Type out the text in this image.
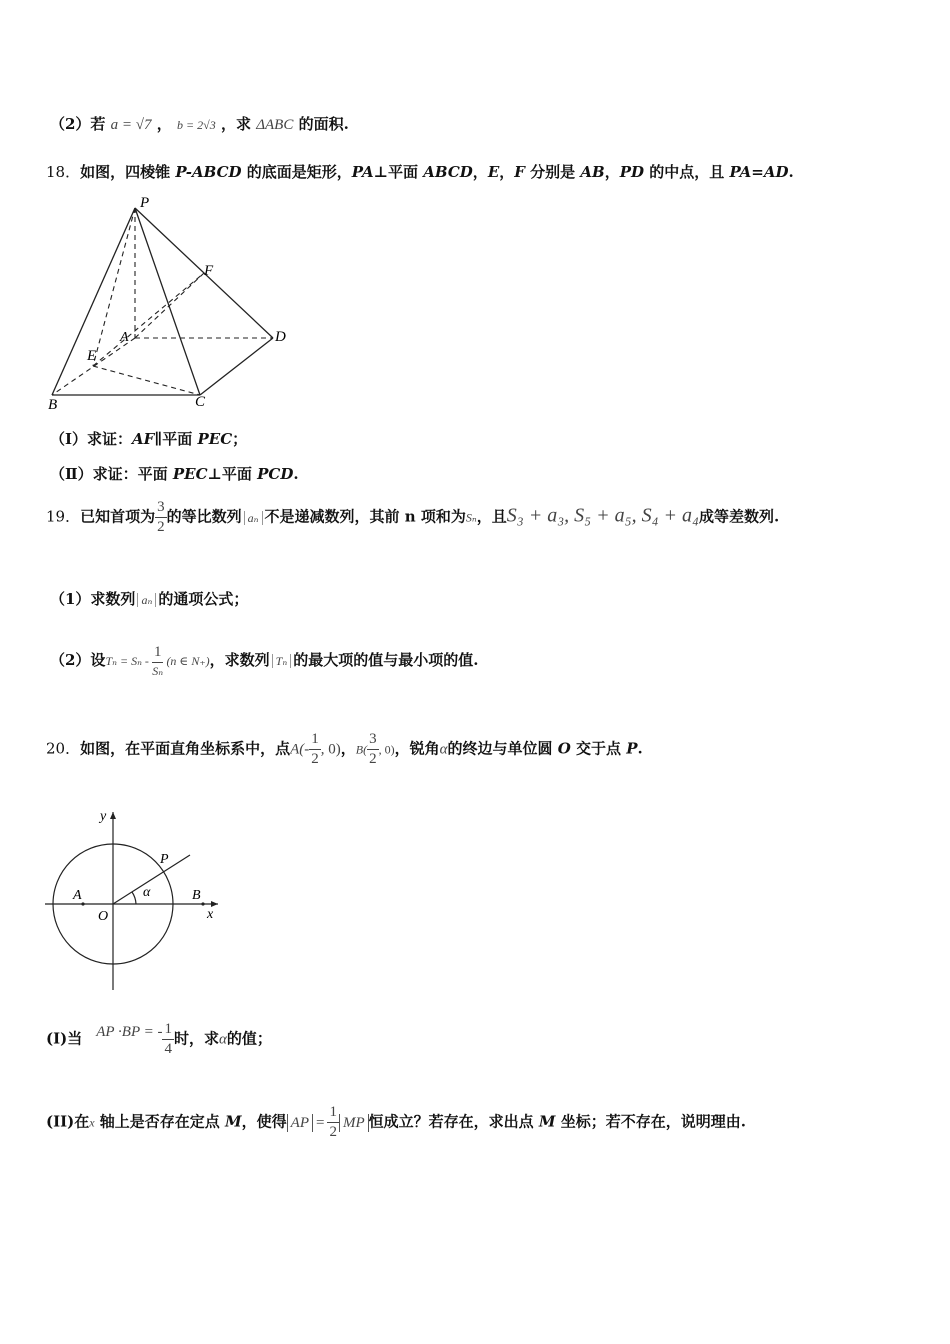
（2）若 a = √7 ， b = 2√3 ，求 ΔABC 的面积.
18．如图，四棱锥 P-ABCD 的底面是矩形，PA⊥平面 ABCD，E，F 分别是 AB，PD 的中点，且 PA=AD.
P
A
B	C
D
E
F
（Ⅰ）求证：AF∥平面 PEC；
（Ⅱ）求证：平面 PEC⊥平面 PCD.
19．已知首项为 $\frac{3}{2}$ 的等比数列 aₙ 不是递减数列，其前 n 项和为Sₙ，且S₃ + a₃, S₅ + a₅, S₄ + a₄成等差数列.
（1）求数列 aₙ 的通项公式；
（2）设$T_n = S_n - \frac{1}{\text{Sₙ}} (n$ ∈ N₊)，求数列 Tₙ 的最大项的值与最小项的值.
20．如图，在平面直角坐标系中，点$A(- \frac{1}{2}$ , 0)，$B( \frac{3}{2}$ , 0)，锐角α的终边与单位圆 O 交于点 P.
y
x
O
A	B
P
α
(I)当 AP ·BP = - $\frac{1}{4}$ 时，求α的值；
(II)在x 轴上是否存在定点 M，使得 AP = $\frac{1}{2}$ MP 恒成立？若存在，求出点 M 坐标；若不存在，说明理由.
